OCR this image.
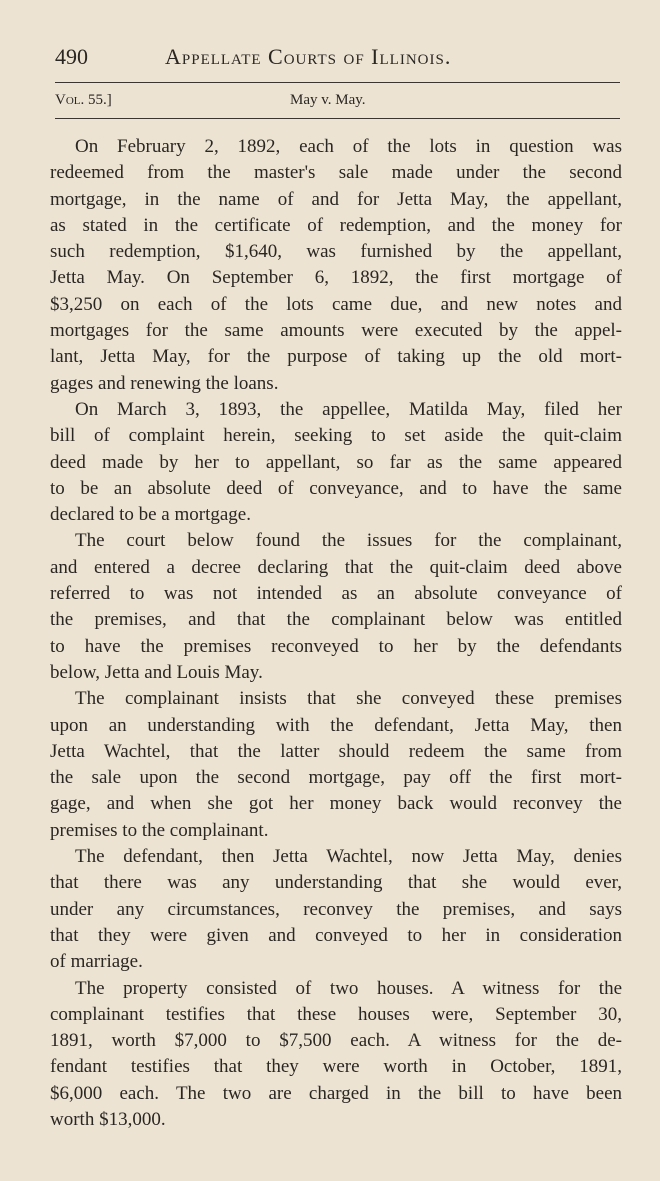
490	Appellate Courts of Illinois.
Vol. 55.]	May v. May.
On February 2, 1892, each of the lots in question was
redeemed from the master's sale made under the second
mortgage, in the name of and for Jetta May, the appellant,
as stated in the certificate of redemption, and the money for
such redemption, $1,640, was furnished by the appellant,
Jetta May. On September 6, 1892, the first mortgage of
$3,250 on each of the lots came due, and new notes and
mortgages for the same amounts were executed by the appel-
lant, Jetta May, for the purpose of taking up the old mort-
gages and renewing the loans.
On March 3, 1893, the appellee, Matilda May, filed her
bill of complaint herein, seeking to set aside the quit-claim
deed made by her to appellant, so far as the same appeared
to be an absolute deed of conveyance, and to have the same
declared to be a mortgage.
The court below found the issues for the complainant,
and entered a decree declaring that the quit-claim deed above
referred to was not intended as an absolute conveyance of
the premises, and that the complainant below was entitled
to have the premises reconveyed to her by the defendants
below, Jetta and Louis May.
The complainant insists that she conveyed these premises
upon an understanding with the defendant, Jetta May, then
Jetta Wachtel, that the latter should redeem the same from
the sale upon the second mortgage, pay off the first mort-
gage, and when she got her money back would reconvey the
premises to the complainant.
The defendant, then Jetta Wachtel, now Jetta May, denies
that there was any understanding that she would ever,
under any circumstances, reconvey the premises, and says
that they were given and conveyed to her in consideration
of marriage.
The property consisted of two houses. A witness for the
complainant testifies that these houses were, September 30,
1891, worth $7,000 to $7,500 each. A witness for the de-
fendant testifies that they were worth in October, 1891,
$6,000 each. The two are charged in the bill to have been
worth $13,000.
